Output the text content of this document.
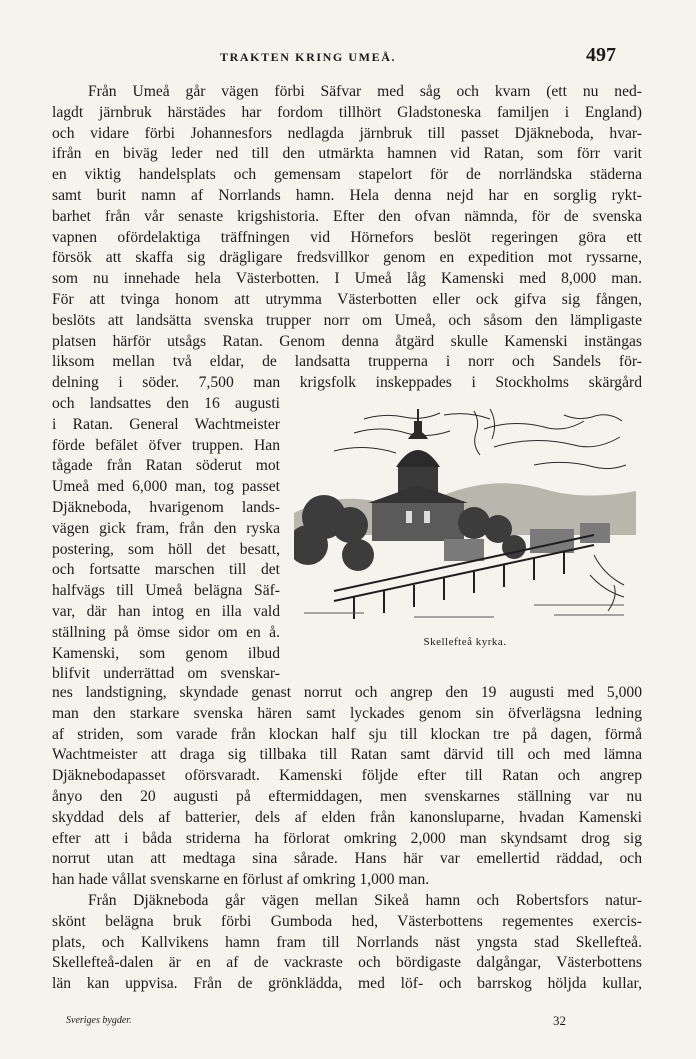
TRAKTEN KRING UMEÅ.	497
Från Umeå går vägen förbi Säfvar med såg och kvarn (ett nu ned-
lagdt järnbruk härstädes har fordom tillhört Gladstoneska familjen i England)
och vidare förbi Johannesfors nedlagda järnbruk till passet Djäkneboda, hvar-
ifrån en biväg leder ned till den utmärkta hamnen vid Ratan, som förr varit
en viktig handelsplats och gemensam stapelort för de norrländska städerna
samt burit namn af Norrlands hamn. Hela denna nejd har en sorglig rykt-
barhet från vår senaste krigshistoria. Efter den ofvan nämnda, för de svenska
vapnen ofördelaktiga träffningen vid Hörnefors beslöt regeringen göra ett
försök att skaffa sig drägligare fredsvillkor genom en expedition mot ryssarne,
som nu innehade hela Västerbotten. I Umeå låg Kamenski med 8,000 man.
För att tvinga honom att utrymma Västerbotten eller ock gifva sig fången,
beslöts att landsätta svenska trupper norr om Umeå, och såsom den lämpligaste
platsen härför utsågs Ratan. Genom denna åtgärd skulle Kamenski instängas
liksom mellan två eldar, de landsatta trupperna i norr och Sandels för-
delning i söder. 7,500 man krigsfolk inskeppades i Stockholms skärgård
och landsattes den 16 augusti
i Ratan. General Wachtmeister
förde befälet öfver truppen. Han
tågade från Ratan söderut mot
Umeå med 6,000 man, tog passet
Djäkneboda, hvarigenom lands-
vägen gick fram, från den ryska
postering, som höll det besatt,
och fortsatte marschen till det
halfvägs till Umeå belägna Säf-
var, där han intog en illa vald
ställning på ömse sidor om en å.
Kamenski, som genom ilbud
blifvit underrättad om svenskar-
Skellefteå kyrka.
nes landstigning, skyndade genast norrut och angrep den 19 augusti med 5,000
man den starkare svenska hären samt lyckades genom sin öfverlägsna ledning
af striden, som varade från klockan half sju till klockan tre på dagen, förmå
Wachtmeister att draga sig tillbaka till Ratan samt därvid till och med lämna
Djäknebodapasset oförsvaradt. Kamenski följde efter till Ratan och angrep
ånyo den 20 augusti på eftermiddagen, men svenskarnes ställning var nu
skyddad dels af batterier, dels af elden från kanonsluparne, hvadan Kamenski
efter att i båda striderna ha förlorat omkring 2,000 man skyndsamt drog sig
norrut utan att medtaga sina sårade. Hans här var emellertid räddad, och
han hade vållat svenskarne en förlust af omkring 1,000 man.
Från Djäkneboda går vägen mellan Sikeå hamn och Robertsfors natur-
skönt belägna bruk förbi Gumboda hed, Västerbottens regementes exercis-
plats, och Kallvikens hamn fram till Norrlands näst yngsta stad Skellefteå.
Skellefteå-dalen är en af de vackraste och bördigaste dalgångar, Västerbottens
län kan uppvisa. Från de grönklädda, med löf- och barrskog höljda kullar,
Sveriges bygder.	32
